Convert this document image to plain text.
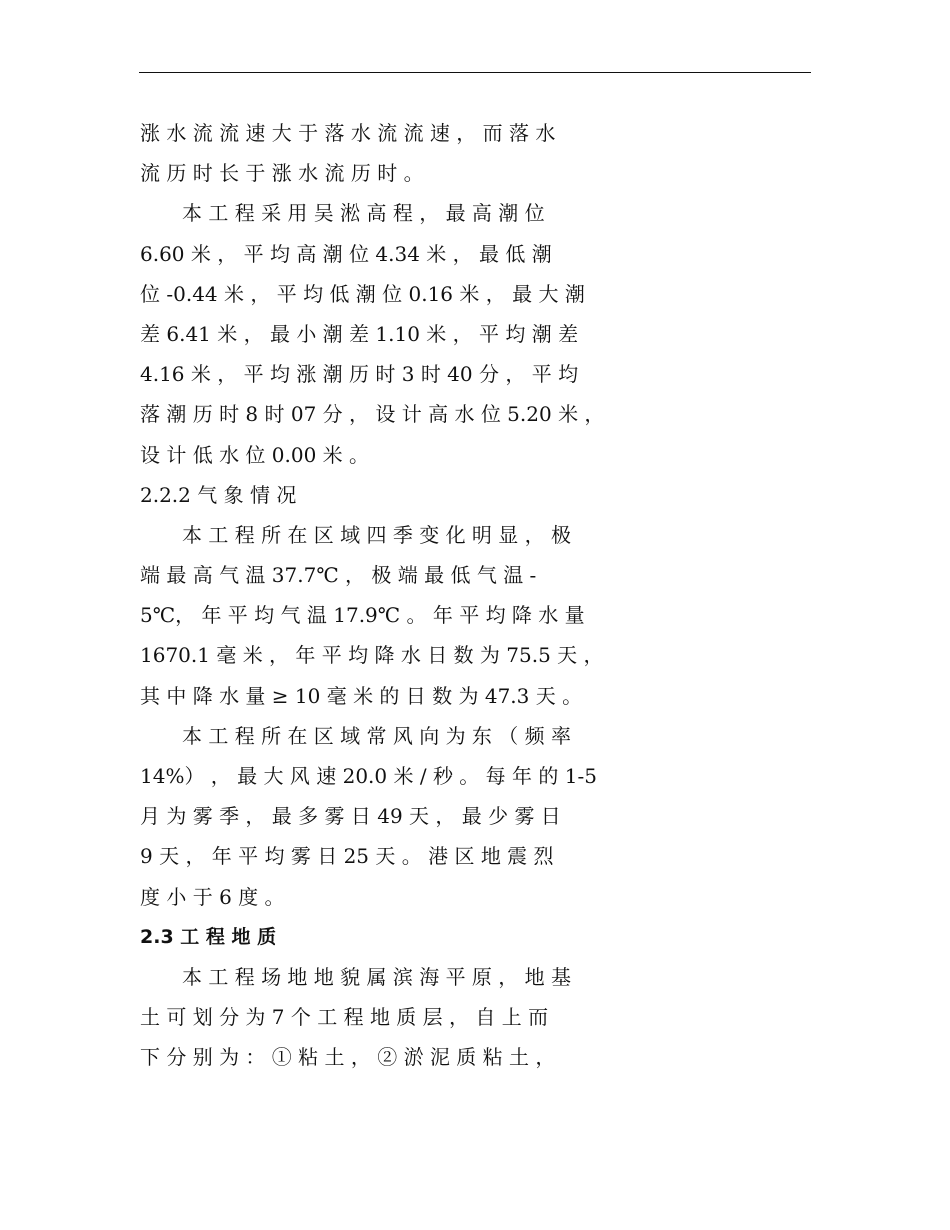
涨 水 流 流 速 大 于 落 水 流 流 速 ， 而 落 水
流 历 时 长 于 涨 水 流 历 时 。
本 工 程 采 用 吴 淞 高 程 ， 最 高 潮 位
6.60 米 ， 平 均 高 潮 位 4.34 米 ， 最 低 潮
位 -0.44 米 ， 平 均 低 潮 位 0.16 米 ， 最 大 潮
差 6.41 米 ， 最 小 潮 差 1.10 米 ， 平 均 潮 差
4.16 米 ， 平 均 涨 潮 历 时 3 时 40 分 ， 平 均
落 潮 历 时 8 时 07 分 ， 设 计 高 水 位 5.20 米 ，
设 计 低 水 位 0.00 米 。
2.2.2 气 象 情 况
本 工 程 所 在 区 域 四 季 变 化 明 显 ， 极
端 最 高 气 温 37.7℃ ， 极 端 最 低 气 温 -
5℃， 年 平 均 气 温 17.9℃ 。 年 平 均 降 水 量
1670.1 毫 米 ， 年 平 均 降 水 日 数 为 75.5 天 ，
其 中 降 水 量 ≥ 10 毫 米 的 日 数 为 47.3 天 。
本 工 程 所 在 区 域 常 风 向 为 东 （ 频 率
14%） ， 最 大 风 速 20.0 米 / 秒 。 每 年 的 1-5
月 为 雾 季 ， 最 多 雾 日 49 天 ， 最 少 雾 日
9 天 ， 年 平 均 雾 日 25 天 。 港 区 地 震 烈
度 小 于 6 度 。
2.3 工 程 地 质
本 工 程 场 地 地 貌 属 滨 海 平 原 ， 地 基
土 可 划 分 为 7 个 工 程 地 质 层 ， 自 上 而
下 分 别 为 ： ① 粘 土 ， ② 淤 泥 质 粘 土 ，
